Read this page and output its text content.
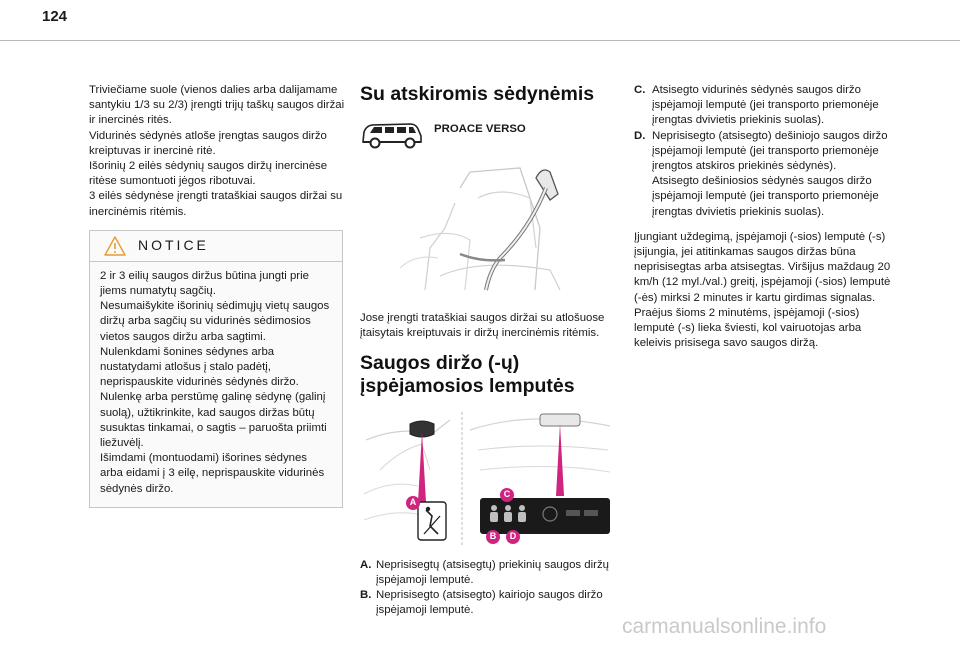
124

Triviečiame suole (vienos dalies arba dalijamame santykiu 1/3 su 2/3) įrengti trijų taškų saugos diržai ir inercinės ritės.

Vidurinės sėdynės atloše įrengtas saugos diržo kreiptuvas ir inercinė ritė.

Išorinių 2 eilės sėdynių saugos diržų inercinėse ritėse sumontuoti jėgos ribotuvai.

3 eilės sėdynėse įrengti trataškiai saugos diržai su inercinėmis ritėmis.

NOTICE

2 ir 3 eilių saugos diržus būtina jungti prie jiems numatytų sagčių.

Nesumaišykite išorinių sėdimųjų vietų saugos diržų arba sagčių su vidurinės sėdimosios vietos saugos diržu arba sagtimi.

Nulenkdami šonines sėdynes arba nustatydami atlošus į stalo padėtį, neprispauskite vidurinės sėdynės diržo.

Nulenkę arba perstūmę galinę sėdynę (galinį suolą), užtikrinkite, kad saugos diržas būtų susuktas tinkamai, o sagtis – paruošta priimti liežuvėlį.

Išimdami (montuodami) išorines sėdynes arba eidami į 3 eilę, neprispauskite vidurinės sėdynės diržo.

Su atskiromis sėdynėmis
PROACE VERSO

Jose įrengti trataškiai saugos diržai su atlošuose įtaisytais kreiptuvais ir diržų inercinėmis ritėmis.

Saugos diržo (-ų)
įspėjamosios lemputės
A
C
B D
A. Neprisisegtų (atsisegtų) priekinių saugos diržų įspėjamoji lemputė.
B. Neprisisegto (atsisegto) kairiojo saugos diržo įspėjamoji lemputė.
C. Atsisegto vidurinės sėdynės saugos diržo įspėjamoji lemputė (jei transporto priemonėje įrengtas dvivietis priekinis suolas).
D. Neprisisegto (atsisegto) dešiniojo saugos diržo įspėjamoji lemputė (jei transporto priemonėje įrengtos atskiros priekinės sėdynės).
Atsisegto dešiniosios sėdynės saugos diržo įspėjamoji lemputė (jei transporto priemonėje įrengtas dvivietis priekinis suolas).

Įjungiant uždegimą, įspėjamoji (-sios) lemputė (-s) įsijungia, jei atitinkamas saugos diržas būna neprisisegtas arba atsisegtas. Viršijus maždaug 20 km/h (12 myl./val.) greitį, įspėjamoji (-sios) lemputė (-ės) mirksi 2 minutes ir kartu girdimas signalas. Praėjus šioms 2 minutėms, įspėjamoji (-sios) lemputė (-s) lieka šviesti, kol vairuotojas arba keleivis prisisega savo saugos diržą.

carmanualsonline.info
